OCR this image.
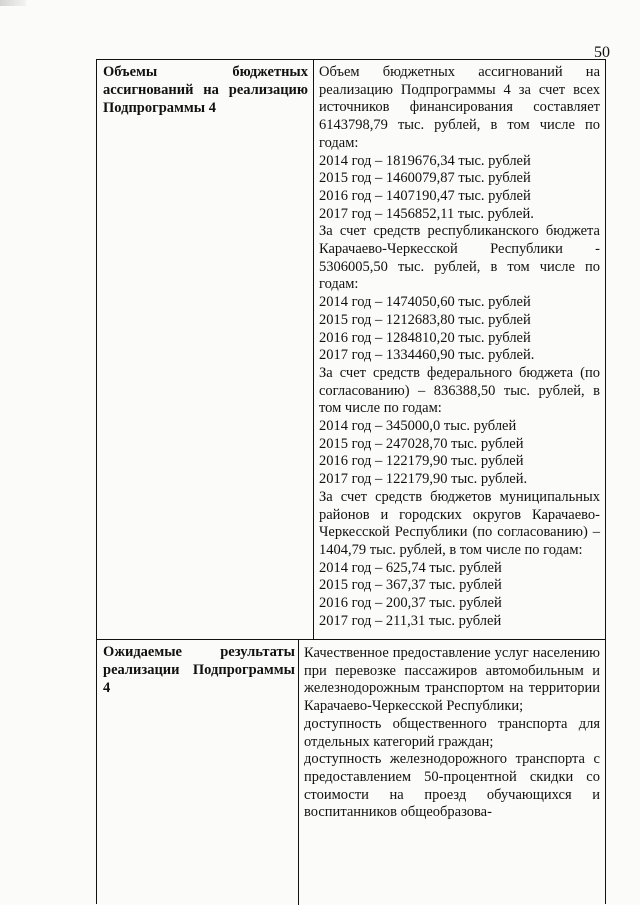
50

Объемы бюджетных ассигнований на реализацию Подпрограммы 4

Объем бюджетных ассигнований на реализацию Подпрограммы 4 за счет всех источников финансирования составляет 6143798,79 тыс. рублей, в том числе по годам:

2014 год – 1819676,34 тыс. рублей

2015 год – 1460079,87 тыс. рублей

2016 год – 1407190,47 тыс. рублей

2017 год – 1456852,11 тыс. рублей.

За счет средств республиканского бюджета Карачаево-Черкесской Республики - 5306005,50 тыс. рублей, в том числе по годам:

2014 год – 1474050,60 тыс. рублей

2015 год – 1212683,80 тыс. рублей

2016 год – 1284810,20 тыс. рублей

2017 год – 1334460,90 тыс. рублей.

За счет средств федерального бюджета (по согласованию) – 836388,50 тыс. рублей, в том числе по годам:

2014 год – 345000,0 тыс. рублей

2015 год – 247028,70 тыс. рублей

2016 год – 122179,90 тыс. рублей

2017 год – 122179,90 тыс. рублей.

За счет средств бюджетов муниципальных районов и городских округов Карачаево-Черкесской Республики (по согласованию) – 1404,79 тыс. рублей, в том числе по годам:

2014 год – 625,74 тыс. рублей

2015 год – 367,37 тыс. рублей

2016 год – 200,37 тыс. рублей

2017 год – 211,31 тыс. рублей

Ожидаемые результаты реализации Подпрограммы 4

Качественное предоставление услуг населению при перевозке пассажиров автомобильным и железнодорожным транспортом на территории Карачаево-Черкесской Республики;

доступность общественного транспорта для отдельных категорий граждан;

доступность железнодорожного транспорта с предоставлением 50-процентной скидки со стоимости на проезд обучающихся и воспитанников общеобразова-
